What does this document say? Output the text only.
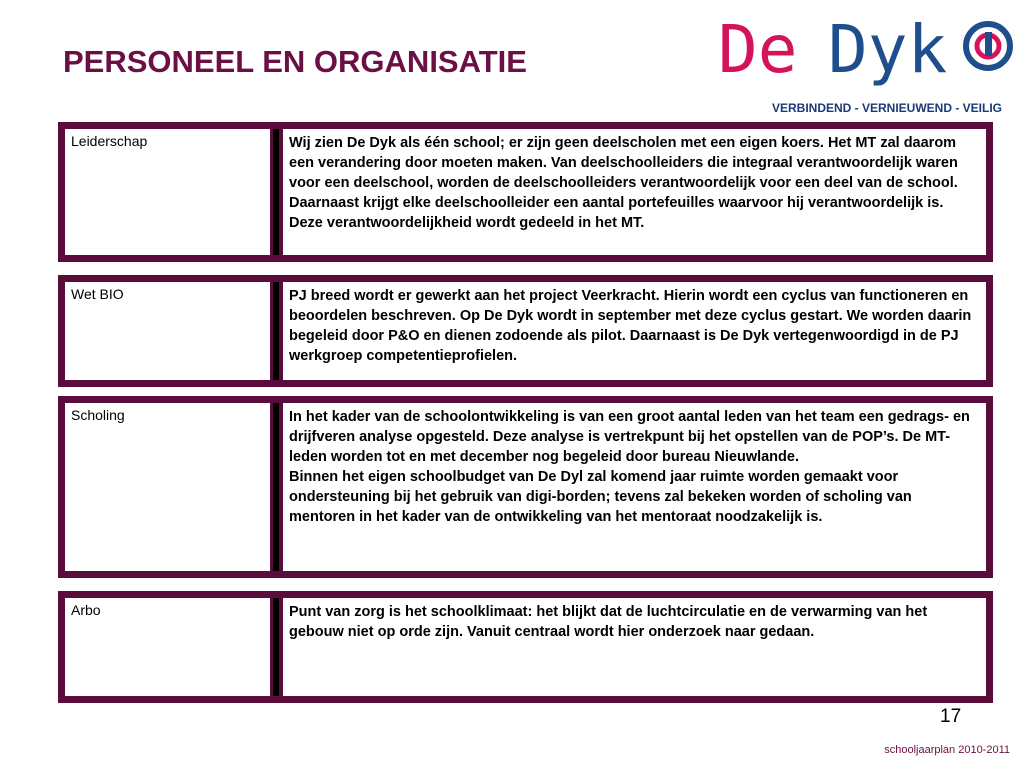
PERSONEEL EN ORGANISATIE	De Dyk
VERBINDEND - VERNIEUWEND - VEILIG
Leiderschap	Wij zien De Dyk als één school; er zijn geen deelscholen met een eigen koers. Het MT zal daarom een verandering door moeten maken. Van deelschoolleiders die integraal verantwoordelijk waren voor een deelschool, worden de deelschoolleiders verantwoordelijk voor een deel van de school. Daarnaast krijgt elke deelschoolleider een aantal portefeuilles waarvoor hij verantwoordelijk is. Deze verantwoordelijkheid wordt gedeeld in het MT.
Wet BIO	PJ breed wordt er gewerkt aan het project Veerkracht. Hierin wordt een cyclus van functioneren en beoordelen beschreven. Op De Dyk wordt in september met deze cyclus gestart. We worden daarin begeleid door P&O en dienen zodoende als pilot. Daarnaast is De Dyk vertegenwoordigd in de PJ werkgroep competentieprofielen.
Scholing	In het kader van de schoolontwikkeling is van een groot aantal leden van het team een gedrags- en drijfveren analyse opgesteld. Deze analyse is vertrekpunt bij het opstellen van de POP’s. De MT-leden worden tot en met december nog begeleid door bureau Nieuwlande.
Binnen het eigen schoolbudget van De Dyl zal komend jaar ruimte worden gemaakt voor ondersteuning bij het gebruik van digi-borden; tevens zal bekeken worden of scholing van mentoren in het kader van de ontwikkeling van het mentoraat noodzakelijk is.
Arbo	Punt van zorg is het schoolklimaat: het blijkt dat de luchtcirculatie en de verwarming van het gebouw niet op orde zijn. Vanuit centraal wordt hier onderzoek naar gedaan.
17
schooljaarplan 2010-2011
